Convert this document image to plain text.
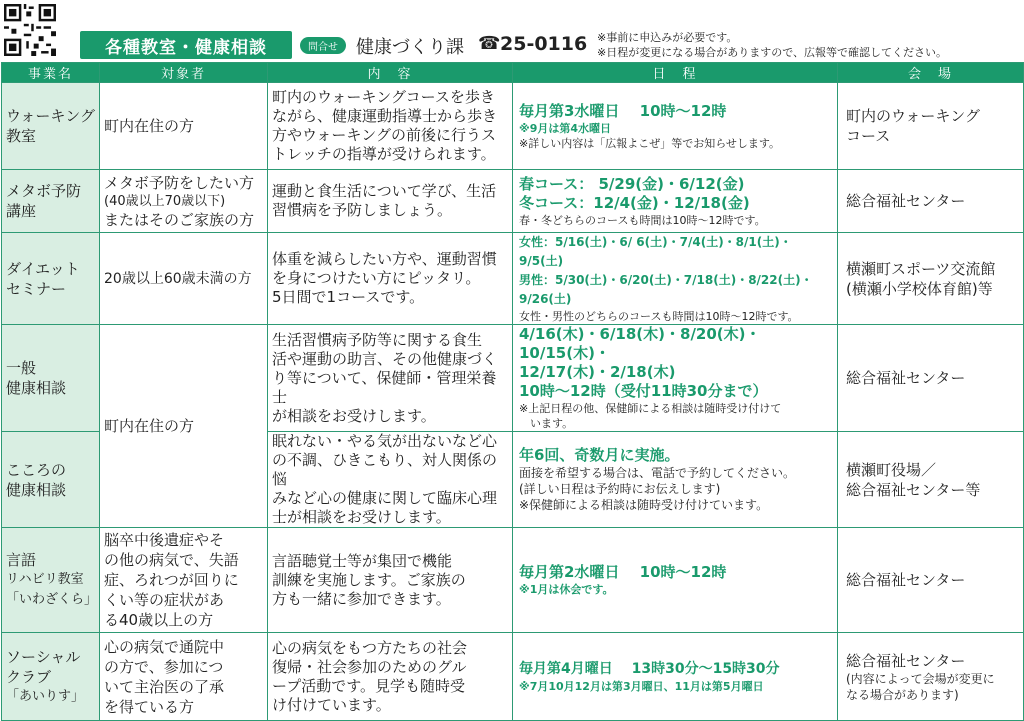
各種教室・健康相談	問合せ	健康づくり課 ☎ 25-0116 ※事前に申込みが必要です。
※日程が変更になる場合がありますので、広報等で確認してください。
事業名	対象者	内　容	日　程	会　場

ウォーキング
教室	町内在住の方	町内のウォーキングコースを歩き
ながら、健康運動指導士から歩き
方やウォーキングの前後に行うス
トレッチの指導が受けられます。	毎月第3水曜日　 10時～12時
※9月は第4水曜日
※詳しい内容は「広報よこぜ」等でお知らせします。	町内のウォーキング
コース

メタボ予防
講座	メタボ予防をしたい方
(40歳以上70歳以下)
またはそのご家族の方	運動と食生活について学び、生活
習慣病を予防しましょう。	春コース： 5/29(金)・6/12(金)
冬コース：12/4(金)・12/18(金)
春・冬どちらのコースも時間は10時～12時です。	総合福祉センター

ダイエット
セミナー	20歳以上60歳未満の方	体重を減らしたい方や、運動習慣
を身につけたい方にピッタリ。
5日間で1コースです。	女性：5/16(土)・6/ 6(土)・7/4(土)・8/1(土)・9/5(土)
男性：5/30(土)・6/20(土)・7/18(土)・8/22(土)・9/26(土)
女性・男性のどちらのコースも時間は10時～12時です。	横瀬町スポーツ交流館
(横瀬小学校体育館)等

一般
健康相談	町内在住の方	生活習慣病予防等に関する食生
活や運動の助言、その他健康づく
り等について、保健師・管理栄養士
が相談をお受けします。	4/16(木)・6/18(木)・8/20(木)・10/15(木)・
12/17(木)・2/18(木)
10時～12時（受付11時30分まで）
※上記日程の他、保健師による相談は随時受け付けて
　います。	総合福祉センター

こころの
健康相談		眠れない・やる気が出ないなど心
の不調、ひきこもり、対人関係の悩
みなど心の健康に関して臨床心理
士が相談をお受けします。	年6回、奇数月に実施。
面接を希望する場合は、電話で予約してください。
(詳しい日程は予約時にお伝えします)
※保健師による相談は随時受け付けています。	横瀬町役場／
総合福祉センター等

言語
リハビリ教室
「いわざくら」	脳卒中後遺症やそ
の他の病気で、失語
症、ろれつが回りに
くい等の症状があ
る40歳以上の方	言語聴覚士等が集団で機能
訓練を実施します。ご家族の
方も一緒に参加できます。	毎月第2水曜日　 10時～12時
※1月は休会です。	総合福祉センター

ソーシャル
クラブ
「あいりす」	心の病気で通院中
の方で、参加につ
いて主治医の了承
を得ている方	心の病気をもつ方たちの社会
復帰・社会参加のためのグル
ープ活動です。見学も随時受
け付けています。	毎月第4月曜日　 13時30分～15時30分
※7月10月12月は第3月曜日、11月は第5月曜日	総合福祉センター
(内容によって会場が変更に
なる場合があります)
